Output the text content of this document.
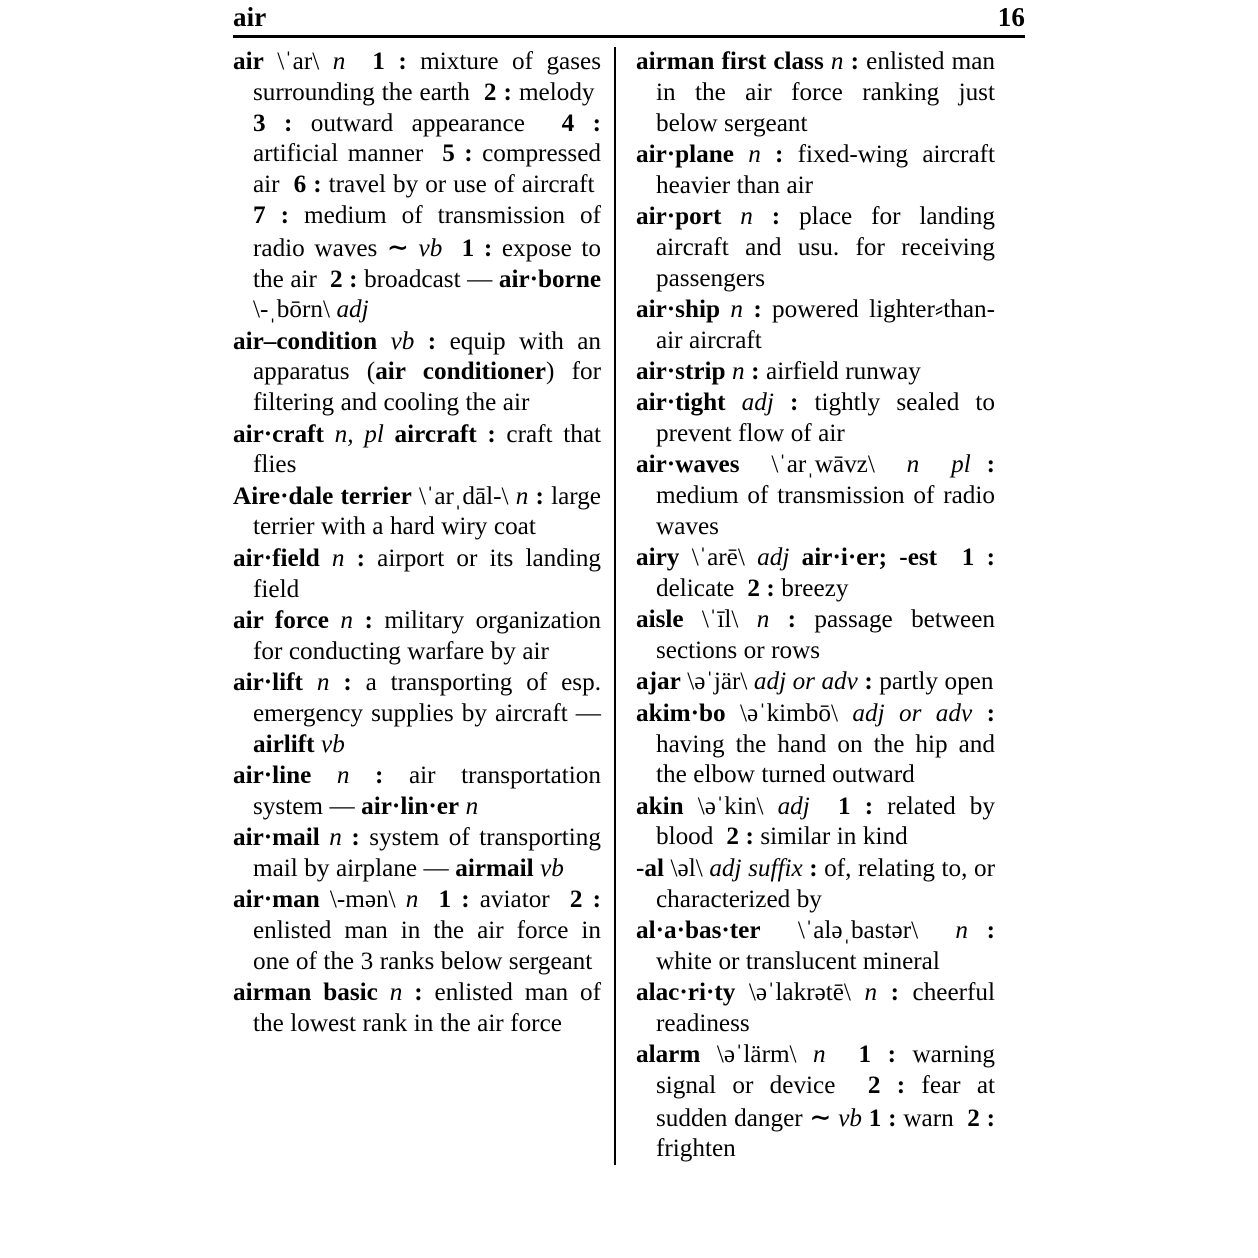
air	16

air \ˈar\ n 1 : mixture of gases surrounding the earth  2 : melody  3 : outward appearance  4 : artificial manner  5 : compressed air  6 : travel by or use of aircraft  7 : medium of transmission of radio waves ∼ vb 1 : expose to the air  2 : broadcast — air·borne \-ˌbōrn\ adj

air–condition vb : equip with an apparatus (air conditioner) for filtering and cooling the air

air·craft n, pl aircraft : craft that flies

Aire·dale terrier \ˈarˌdāl-\ n : large terrier with a hard wiry coat

air·field n : airport or its landing field

air force n : military organization for conducting warfare by air

air·lift n : a transporting of esp. emergency supplies by aircraft — airlift vb

air·line n : air transportation system — air·lin·er n

air·mail n : system of transporting mail by airplane — airmail vb

air·man \-mən\ n 1 : aviator  2 : enlisted man in the air force in one of the 3 ranks below sergeant

airman basic n : enlisted man of the lowest rank in the air force

airman first class n : enlisted man in the air force ranking just below sergeant

air·plane n : fixed-wing aircraft heavier than air

air·port n : place for landing aircraft and usu. for receiving passengers

air·ship n : powered lighter⸗than-air aircraft

air·strip n : airfield runway

air·tight adj : tightly sealed to prevent flow of air

air·waves  \ˈarˌwāvz\  n pl : medium of transmission of radio waves

airy \ˈarē\ adj air·i·er; -est 1 : delicate  2 : breezy

aisle \ˈīl\ n : passage between sections or rows

ajar \əˈjär\ adj or adv : partly open

akim·bo \əˈkimbō\ adj or adv : having the hand on the hip and the elbow turned outward

akin \əˈkin\ adj 1 : related by blood  2 : similar in kind

-al \əl\ adj suffix : of, relating to, or characterized by

al·a·bas·ter  \ˈaləˌbastər\  n : white or translucent mineral

alac·ri·ty \əˈlakrətē\ n : cheerful readiness

alarm \əˈlärm\ n 1 : warning signal or device  2 : fear at sudden danger ∼ vb 1 : warn  2 : frighten
